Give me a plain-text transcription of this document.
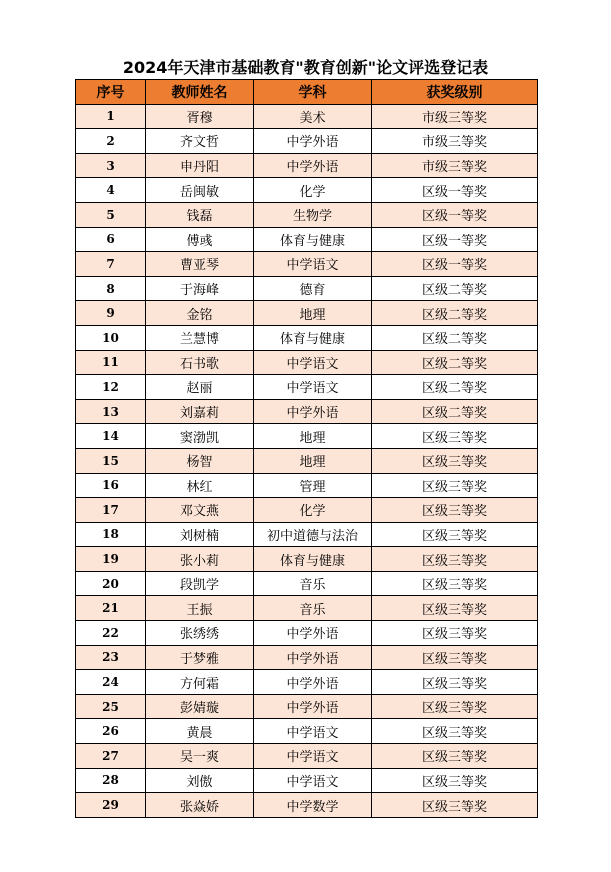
2024年天津市基础教育"教育创新"论文评选登记表
序号	教师姓名	学科	获奖级别
1	胥穆	美术	市级三等奖
2	齐文哲	中学外语	市级三等奖
3	申丹阳	中学外语	市级三等奖
4	岳闽敏	化学	区级一等奖
5	钱磊	生物学	区级一等奖
6	傅彧	体育与健康	区级一等奖
7	曹亚琴	中学语文	区级一等奖
8	于海峰	德育	区级二等奖
9	金铭	地理	区级二等奖
10	兰慧博	体育与健康	区级二等奖
11	石书歌	中学语文	区级二等奖
12	赵丽	中学语文	区级二等奖
13	刘嘉莉	中学外语	区级二等奖
14	窦渤凯	地理	区级三等奖
15	杨智	地理	区级三等奖
16	林红	管理	区级三等奖
17	邓文燕	化学	区级三等奖
18	刘树楠	初中道德与法治	区级三等奖
19	张小莉	体育与健康	区级三等奖
20	段凯学	音乐	区级三等奖
21	王振	音乐	区级三等奖
22	张绣绣	中学外语	区级三等奖
23	于梦雅	中学外语	区级三等奖
24	方何霜	中学外语	区级三等奖
25	彭婧璇	中学外语	区级三等奖
26	黄晨	中学语文	区级三等奖
27	吴一爽	中学语文	区级三等奖
28	刘傲	中学语文	区级三等奖
29	张焱娇	中学数学	区级三等奖
